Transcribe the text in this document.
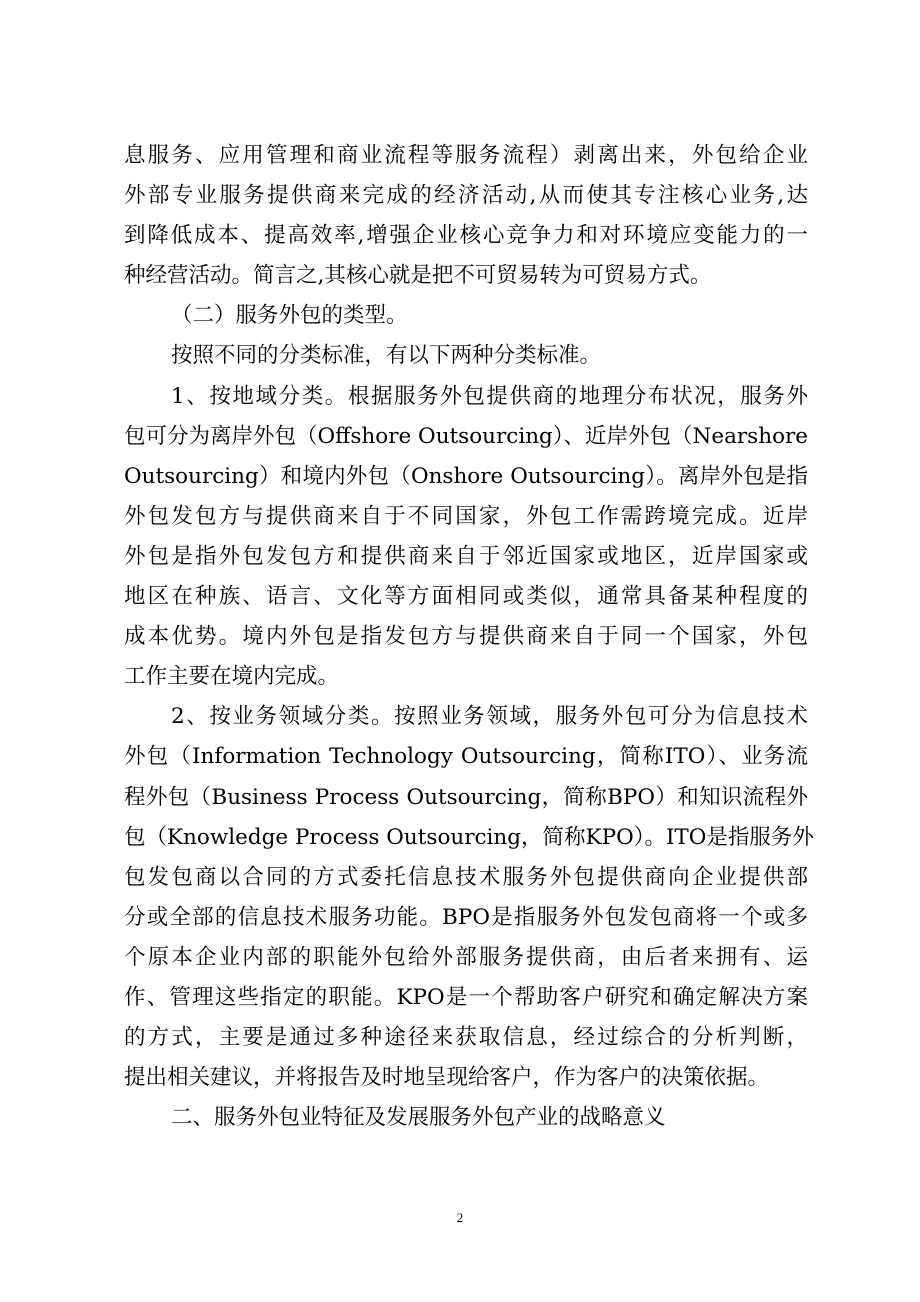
息服务、应用管理和商业流程等服务流程）剥离出来，外包给企业
外部专业服务提供商来完成的经济活动,从而使其专注核心业务,达
到降低成本、提高效率,增强企业核心竞争力和对环境应变能力的一
种经营活动。简言之,其核心就是把不可贸易转为可贸易方式。
（二）服务外包的类型。
按照不同的分类标准，有以下两种分类标准。
1、按地域分类。根据服务外包提供商的地理分布状况，服务外
包可分为离岸外包（Offshore Outsourcing）、近岸外包（Nearshore
Outsourcing）和境内外包（Onshore Outsourcing）。离岸外包是指
外包发包方与提供商来自于不同国家，外包工作需跨境完成。近岸
外包是指外包发包方和提供商来自于邻近国家或地区，近岸国家或
地区在种族、语言、文化等方面相同或类似，通常具备某种程度的
成本优势。境内外包是指发包方与提供商来自于同一个国家，外包
工作主要在境内完成。
2、按业务领域分类。按照业务领域，服务外包可分为信息技术
外包（Information Technology Outsourcing，简称ITO）、业务流
程外包（Business Process Outsourcing，简称BPO）和知识流程外
包（Knowledge Process Outsourcing，简称KPO）。ITO是指服务外
包发包商以合同的方式委托信息技术服务外包提供商向企业提供部
分或全部的信息技术服务功能。BPO是指服务外包发包商将一个或多
个原本企业内部的职能外包给外部服务提供商，由后者来拥有、运
作、管理这些指定的职能。KPO是一个帮助客户研究和确定解决方案
的方式，主要是通过多种途径来获取信息，经过综合的分析判断，
提出相关建议，并将报告及时地呈现给客户，作为客户的决策依据。
二、服务外包业特征及发展服务外包产业的战略意义
2
